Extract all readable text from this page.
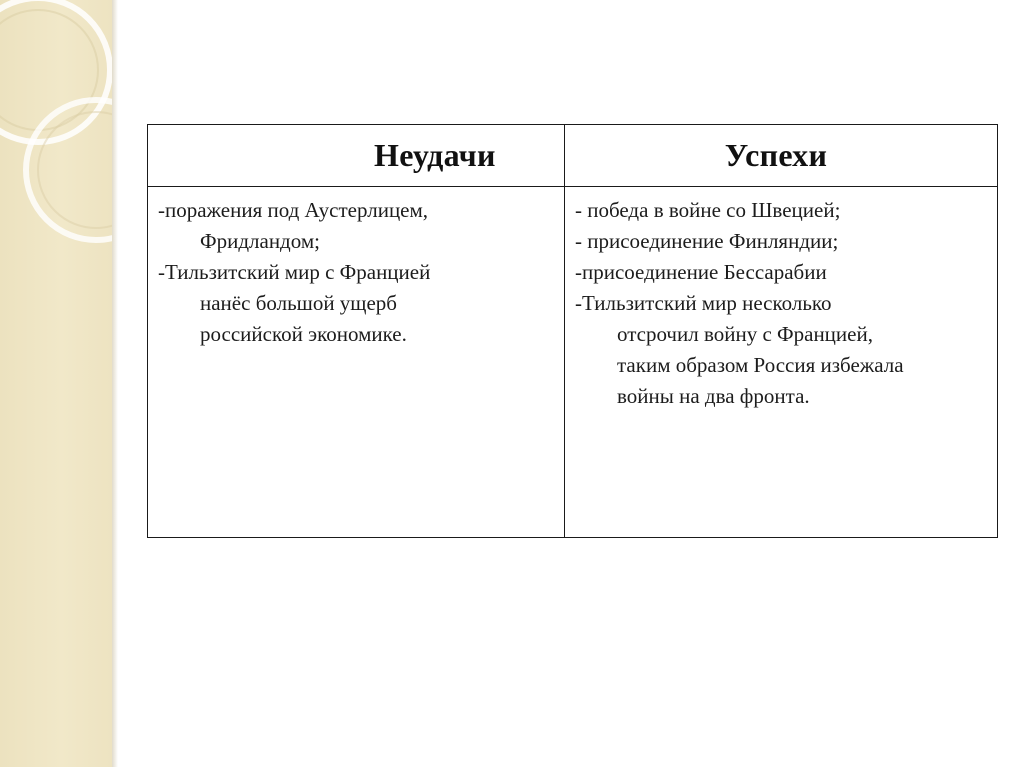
Неудачи	Успехи
-поражения под Аустерлицем,
Фридландом;
-Тильзитский мир с Францией
нанёс большой ущерб
российской экономике.
- победа в войне со Швецией;
- присоединение Финляндии;
-присоединение Бессарабии
-Тильзитский мир несколько
отсрочил войну с Францией,
таким образом Россия избежала
войны на два фронта.
